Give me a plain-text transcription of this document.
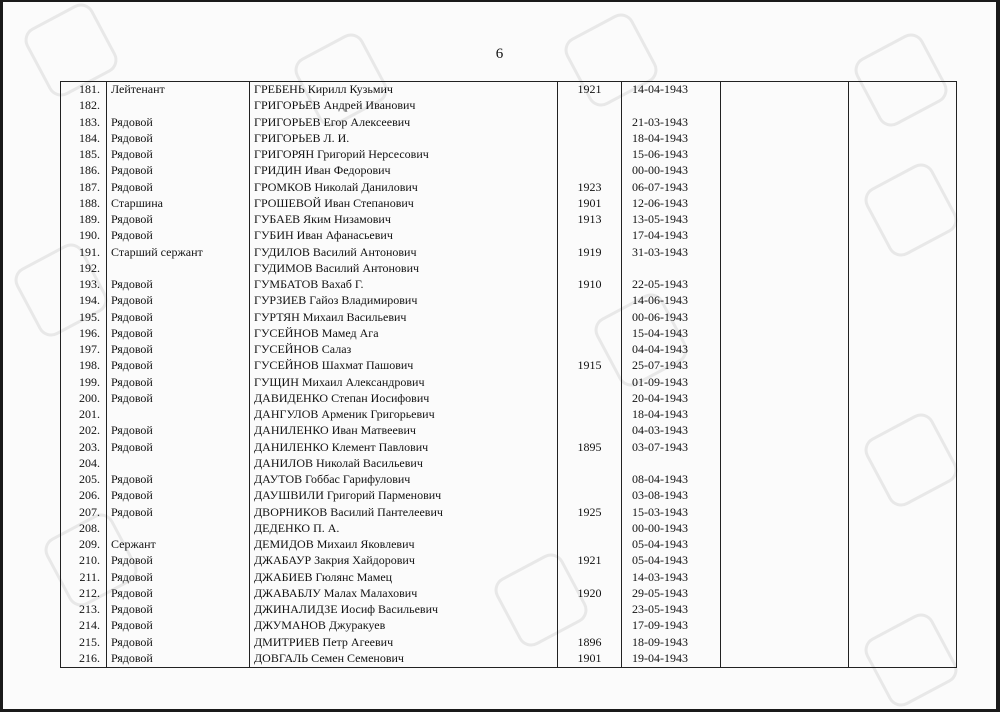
6
181.	Лейтенант	ГРЕБЕНЬ Кирилл Кузьмич	1921	14-04-1943		
182.		ГРИГОРЬЕВ Андрей Иванович				
183.	Рядовой	ГРИГОРЬЕВ Егор Алексеевич		21-03-1943		
184.	Рядовой	ГРИГОРЬЕВ Л. И.		18-04-1943		
185.	Рядовой	ГРИГОРЯН Григорий Нерсесович		15-06-1943		
186.	Рядовой	ГРИДИН Иван Федорович		00-00-1943		
187.	Рядовой	ГРОМКОВ Николай Данилович	1923	06-07-1943		
188.	Старшина	ГРОШЕВОЙ Иван Степанович	1901	12-06-1943		
189.	Рядовой	ГУБАЕВ Яким Низамович	1913	13-05-1943		
190.	Рядовой	ГУБИН Иван Афанасьевич		17-04-1943		
191.	Старший сержант	ГУДИЛОВ Василий Антонович	1919	31-03-1943		
192.		ГУДИМОВ Василий Антонович				
193.	Рядовой	ГУМБАТОВ Вахаб Г.	1910	22-05-1943		
194.	Рядовой	ГУРЗИЕВ Гайоз Владимирович		14-06-1943		
195.	Рядовой	ГУРТЯН Михаил Васильевич		00-06-1943		
196.	Рядовой	ГУСЕЙНОВ Мамед Ага		15-04-1943		
197.	Рядовой	ГУСЕЙНОВ Салаз		04-04-1943		
198.	Рядовой	ГУСЕЙНОВ Шахмат Пашович	1915	25-07-1943		
199.	Рядовой	ГУЩИН Михаил Александрович		01-09-1943		
200.	Рядовой	ДАВИДЕНКО Степан Иосифович		20-04-1943		
201.		ДАНГУЛОВ Арменик Григорьевич		18-04-1943		
202.	Рядовой	ДАНИЛЕНКО Иван Матвеевич		04-03-1943		
203.	Рядовой	ДАНИЛЕНКО Клемент Павлович	1895	03-07-1943		
204.		ДАНИЛОВ Николай Васильевич				
205.	Рядовой	ДАУТОВ Гоббас Гарифулович		08-04-1943		
206.	Рядовой	ДАУШВИЛИ Григорий Парменович		03-08-1943		
207.	Рядовой	ДВОРНИКОВ Василий Пантелеевич	1925	15-03-1943		
208.		ДЕДЕНКО П. А.		00-00-1943		
209.	Сержант	ДЕМИДОВ Михаил Яковлевич		05-04-1943		
210.	Рядовой	ДЖАБАУР Закрия Хайдорович	1921	05-04-1943		
211.	Рядовой	ДЖАБИЕВ Гюлянс Мамец		14-03-1943		
212.	Рядовой	ДЖАВАБЛУ Малах Малахович	1920	29-05-1943		
213.	Рядовой	ДЖИНАЛИДЗЕ Иосиф Васильевич		23-05-1943		
214.	Рядовой	ДЖУМАНОВ Джуракуев		17-09-1943		
215.	Рядовой	ДМИТРИЕВ Петр Агеевич	1896	18-09-1943		
216.	Рядовой	ДОВГАЛЬ Семен Семенович	1901	19-04-1943		
